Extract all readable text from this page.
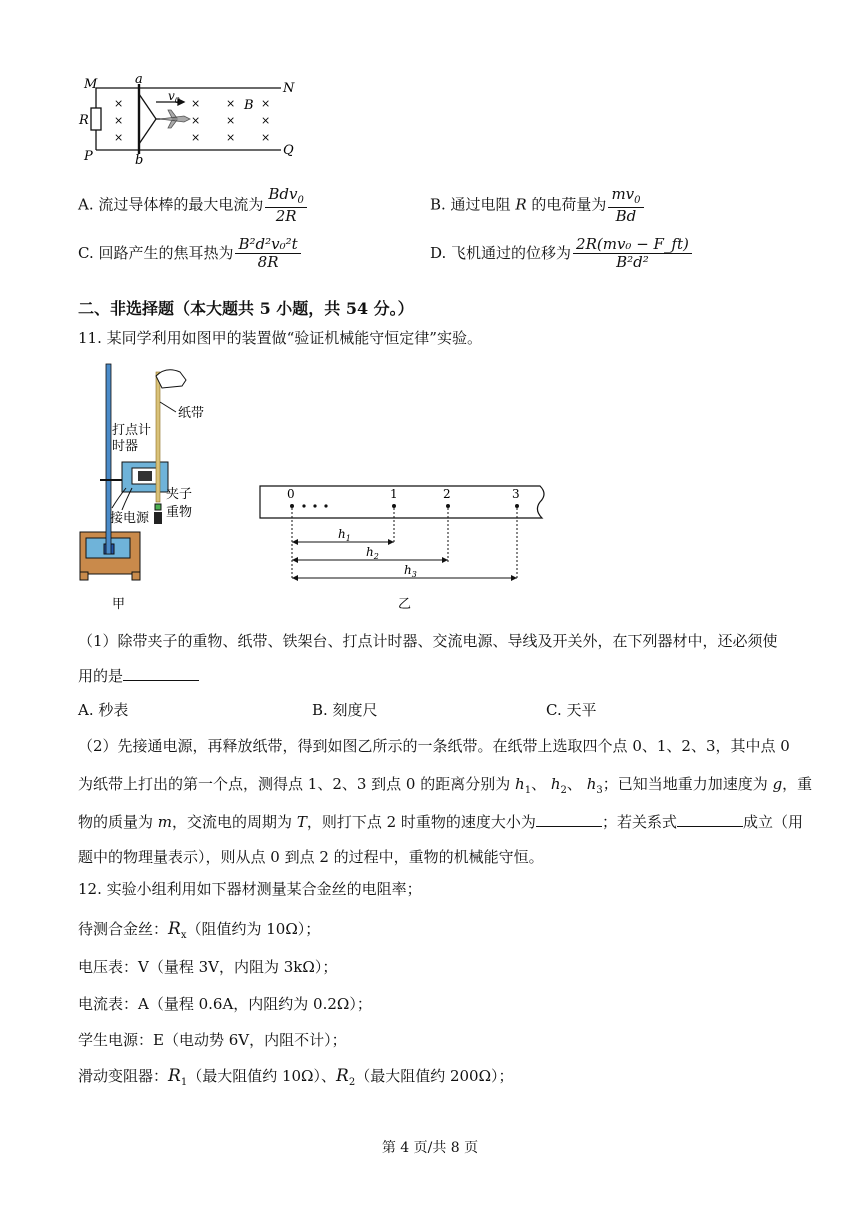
M	N
P	Q
a
b
R
B
$v_0$
×
×
×
×
×
×
×
×
×
×
×
×
A. 流过导体棒的最大电流为 $\frac{Bdv_0}{2R}$	B. 通过电阻 R 的电荷量为 $\frac{mv_0}{Bd}$
C. 回路产生的焦耳热为 $\frac{\text{B²d²v₀²t}}{8R}$	D. 飞机通过的位移为 $\frac{\text{2R(mv₀ − F\_ft)}}{\text{B²d²}}$
二、非选择题（本大题共 5 小题，共 54 分。）
11. 某同学利用如图甲的装置做“验证机械能守恒定律”实验。
纸带
打点计
时器
夹子
接电源 重物
甲
0	1	2	3
$h_1$
$h_2$
$h_3$
乙
（1）除带夹子的重物、纸带、铁架台、打点计时器、交流电源、导线及开关外，在下列器材中，还必须使
用的是
A. 秒表	B. 刻度尺	C. 天平
（2）先接通电源，再释放纸带，得到如图乙所示的一条纸带。在纸带上选取四个点 0、1、2、3，其中点 0
为纸带上打出的第一个点，测得点 1、2、3 到点 0 的距离分别为 $h_1$、 $h_2$、 $h_3$；已知当地重力加速度为 g，重
物的质量为 m，交流电的周期为 T，则打下点 2 时重物的速度大小为	；若关系式	成立（用
题中的物理量表示），则从点 0 到点 2 的过程中，重物的机械能守恒。
12. 实验小组利用如下器材测量某合金丝的电阻率；
待测合金丝：$R_x$（阻值约为 10Ω）；
电压表：V（量程 3V，内阻为 3kΩ）；
电流表：A（量程 0.6A，内阻约为 0.2Ω）；
学生电源：E（电动势 6V，内阻不计）；
滑动变阻器：$R_1$（最大阻值约 10Ω）、$R_2$（最大阻值约 200Ω）；
第 4 页/共 8 页
